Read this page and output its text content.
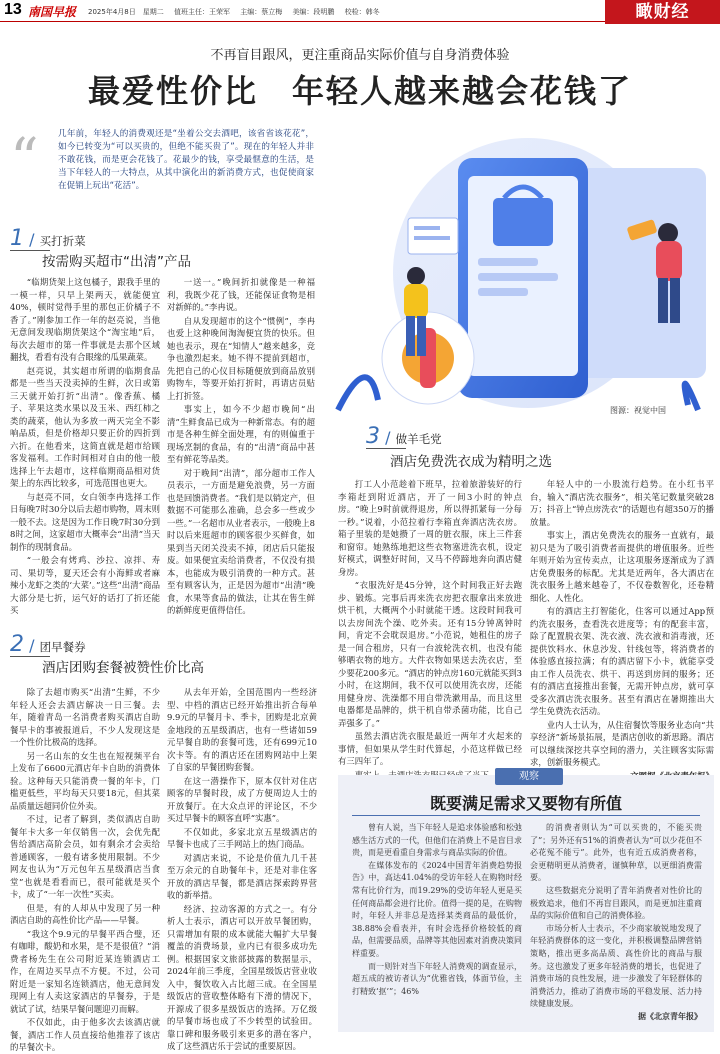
13 南国早报 2025年4月8日　星期二 值班主任：王荣军 主编：蔡立梅 美编：段明鹏 校检：韩冬	瞰财经
不再盲目跟风，更注重商品实际价值与自身消费体验
最爱性价比　年轻人越来越会花钱了
“ 几年前，年轻人的消费观还是“坐着公交去酒吧，该省省该花花”，如今已转变为“可以买贵的，但绝不能买贵了”。现在的年轻人并非不敢花钱，而是更会花钱了。花最少的钱，享受最惬意的生活，是当下年轻人的一大特点，从其中演化出的新消费方式，也促使商家在促销上玩出“花活”。
图源：视觉中国
1 / 买打折菜
按需购买超市“出清”产品

“临期货架上这包橘子，跟我手里的一模一样，只早上架两天，就能便宜40%，顿时觉得手里的那包正价橘子不香了。”刚参加工作一年的赵亮说，当他无意间发现临期货架这个“淘宝地”后，每次去超市的第一件事就是去那个区域翻找，看看有没有合眼缘的瓜果蔬菜。

赵亮说，其实超市所谓的临期食品都是一些当天没卖掉的生鲜，次日或第三天就开始打折“出清”。像香蕉、橘子、苹果这类水果以及玉米、西红柿之类的蔬菜，他认为多放一两天完全不影响品质，但是价格却只要正价的四折到六折。在他看来，这简直就是超市给顾客发福利。工作时间相对自由的他一般选择上午去超市，这样临期商品相对货架上的东西比较多，可选范围也更大。

与赵亮不同，女白领李冉选择工作日每晚7时30分以后去超市购物，周末则一般不去。这是因为工作日晚7时30分到8时之间，这家超市大概率会“出清”当天制作的现制食品。

“一般会有烤鸡、沙拉、凉拌、寿司、果切等，夏天还会有小海鲜或者麻辣小龙虾之类的‘大菜’。”这些“出清”商品大部分是七折，运气好的话打了折还能买

一送一。”晚间折扣就像是一种福利，我既少花了钱，还能保证食物是相对新鲜的。”李冉说。

自从发现超市的这个“惯例”，李冉也爱上这种晚间淘淘便宜货的快乐。但她也表示，现在“知情人”越来越多，竞争也激烈起来。她不得不提前到超市，先把自己的心仪目标随便放到商品放别购物车，等要开始打折时，再请店员贴上打折签。

事实上，如今不少超市晚间“出清”生鲜食品已成为一种新常态。有的超市是各种生鲜全面处理，有的则偏重于现场烹制的食品，有的“出清”商品中甚至有鲜花等品类。

对于晚间“出清”，部分超市工作人员表示，一方面是避免浪费，另一方面也是回馈消费者。“我们是以销定产，但数据不可能那么准确，总会多一些或少一些。”一名超市从业者表示，一般晚上8时以后来逛超市的顾客很少买鲜食，如果到当天闭关没卖不掉，闭店后只能报废。如果便宜卖给消费者，不仅没有损本，也能成为吸引消费的一种方式。甚至有顾客认为，正是因为超市“出清”晚食，水果等食品的做法，让其在售生鲜的新鲜度更值得信任。

2 / 团早餐券
酒店团购套餐被赞性价比高

除了去超市购买“出清”生鲜，不少年轻人还会去酒店解决一日三餐。去年，随着青岛一名消费者购买酒店自助餐早卡的事被报道后，不少人发现这是一个性价比极高的选择。

另一名山东的女生也在短视频平台上发布了6600元酒店年卡自助的消费体验。这种每天只能消费一餐的年卡，门槛更低些，平均每天只要18元，但其菜品质量远超同价位外卖。

不过，记者了解到，类似酒店自助餐年卡大多一年仅销售一次，会优先配售给酒店高阶会员，如有剩余才会卖给普通顾客，一般有诸多使用限制。不少网友也认为“万元包年五星级酒店当食堂”也就是看看而已，很可能就是买个卡，成了“一年一次性”买卖。

但是，有的人却从中发现了另一种酒店自助的高性价比产品——早餐。

“我这个9.9元的早餐平西合璧，还有咖啡，酸奶和水果，是不是很值？”消费者杨先生在公司附近某连锁酒店工作，在周边买早点不方便。不过，公司附近是一家知名连锁酒店，他无意间发现网上有人卖这家酒店的早餐券，于是就试了试，结果早餐问题迎刃而解。

不仅如此，由于他多次去该酒店就餐，酒店工作人员直接给他推荐了该店的早餐次卡。

从去年开始，全国范围内一些经济型、中档的酒店已经开始推出折合每单9.9元的早餐月卡、季卡，团购是北京黄金地段的五星级酒店，也有一些诸如59元早餐自助的套餐可选，还有699元10次卡等。有的酒店还在团购网站中上架了自家的早餐团购套餐。

在这一潜操作下，原本仅针对住店顾客的早餐时段，成了方便周边人士的开放餐厅。在大众点评的评论区，不少买过早餐卡的顾客直呼“实惠”。

不仅如此，多家北京五星级酒店的早餐卡也成了三手网站上的热门商品。

对酒店来说，不论是价值九几千甚至万余元的自助餐年卡，还是对非住客开放的酒店早餐，都是酒店探索跨界营收的新举措。

经济、拉动客源的方式之一。有分析人士表示，酒店可以开放早餐团购，只需增加有限的成本就能大幅扩大早餐覆盖的消费场景，业内已有很多成功先例。根据国家文旅部披露的数据显示，2024年前三季度，全国星级饭店营业收入中，餐饮收入占比超三成。在全国星级饭店的营收整体略有下滑的情况下，开源成了很多星级饭店的选择。万亿级的早餐市场也成了不少转型的试验田。靠口碑和服务吸引来更多的潜在客户，成了这些酒店乐于尝试的重要原因。

3 / 做羊毛党
酒店免费洗衣成为精明之选

打工人小范趁着下班早，拉着旅游装好的行李箱赶到附近酒店，开了一间3小时的钟点房。“晚上9时前就得退房，所以得抓紧每一分每一秒。”说着，小范拉着行李箱直奔酒店洗衣房。箱子里装的是她攒了一周的脏衣服，床上三件套和窗帘。她熟练地把这些衣物塞进洗衣机，设定好模式，调整好时间，又马不停蹄地奔向酒店健身房。

“衣服洗好是45分钟，这个时间我正好去跑步、锻炼。完事后再来洗衣房把衣服拿出来放进烘干机，大概两个小时就能干透。这段时间我可以去房间洗个澡、吃外卖。还有15分钟离钟时间，肯定不会耽误退房。”小范说，她租住的房子是一间合租房，只有一台波轮洗衣机，也没有能够晒衣物的地方。大件衣物如果送去洗衣店，至少要花200多元。“酒店的钟点房160元就能买到3小时，在这期间，我不仅可以使用洗衣房，还能用健身房、洗澡都不用自带洗漱用品，而且这里电器都是品牌的，烘干机自带杀菌功能，比自己弄强多了。”

虽然去酒店洗衣服是最近一两年才火起来的事情，但如果从学生时代算起，小范这样做已经有三四年了。

年轻人中的一小股流行趋势。在小红书平台，输入“酒店洗衣服务”，相关笔记数量突破28万；抖音上“钟点房洗衣”的话题也有超350万的播放量。

事实上，酒店免费洗衣的服务一直就有，最初只是为了吸引消费者而提供的增值服务。近些年则开始为宣传卖点，让这项服务逐渐成为了酒店免费服务的标配。尤其是近两年，各大酒店在洗衣服务上越来越卷了，不仅卷数智化，还卷精细化、人性化。

有的酒店主打智能化，住客可以通过App预约洗衣服务，查看洗衣进度等；有的配套丰富，除了配置脱衣架、洗衣液、洗衣液和消毒液，还提供饮料水、休息沙发、针线包等，将消费者的体验感直接拉满；有的酒店留下小卡，就能享受由工作人员洗衣、烘干、再送到房间的服务；还有的酒店直接推出套餐，无需开钟点房，就可享受多次酒店洗衣服务。甚至有酒店在暑期推出大学生免费洗衣活动。

业内人士认为，从住宿餐饮等服务业态向“共享经济”新场景拓展，是酒店创收的新思路。酒店可以继续深挖共享空间的潜力，关注顾客实际需求，创新服务模式。

观察
既要满足需求又要物有所值

曾有人说，当下年轻人是追求体验感和松弛感生活方式的一代，但他们在消费上不是盲目求贵，而是更看重自身需求与商品实际的价值。

在媒体发布的《2024中国青年消费趋势报告》中，高达41.04%的受访年轻人在购物时经常有比价行为，而19.29%的受访年轻人更是买任何商品都会进行比价。值得一提的是，在购物时，年轻人并非总是选择某类商品的最低价，38.88%会看表并，有时会选择价格较低的商品，但需要品质，品牌等其他因素对消费决策同样重要。

而一则针对当下年轻人消费观的调查显示，超五成的被访者认为“优雅省钱，体面节俭，主打精致‘抠’”；46%

的消费者则认为“可以买贵的，不能买贵了”；另外还有51%的消费者认为“可以少花但不必花冤不能亏”。此外，也有近五成消费者称，会更精明更从消费者，谨慎种草，以更细消费需要。

这些数据充分说明了青年消费者对性价比的极致追求，他们不再盲目跟风，而是更加注重商品的实际价值和自己的消费体验。

市场分析人士表示，不少商家敏锐地发现了年轻消费群体的这一变化，并积极调整品牌营销策略，推出更多高品质、高性价比的商品与服务。这也激发了更多年轻消费的增长，也促进了消费市场的良性发展，进一步激发了年轻群体的消费活力，推动了消费市场的平稳发展、活力持续健康发展。

据《北京青年报》
